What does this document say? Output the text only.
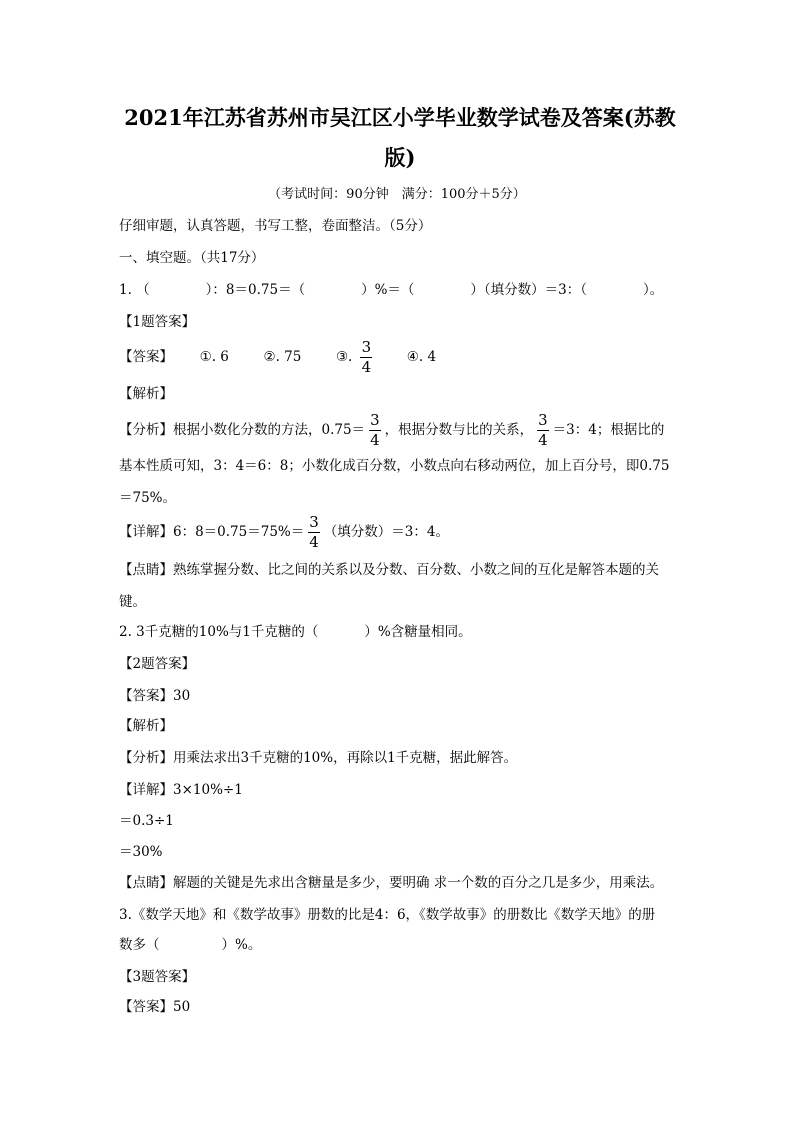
2021年江苏省苏州市吴江区小学毕业数学试卷及答案(苏教
版)
（考试时间：90分钟　满分：100分＋5分）
仔细审题，认真答题，书写工整，卷面整洁。（5分）
一、填空题。（共17分）
1. （	）：8＝0.75＝（	）%＝（	）（填分数）＝3：（	）。
【1题答案】
【答案】 ①. 6	②. 75	③. $\frac{3}{4}$ ④. 4
【解析】
【分析】根据小数化分数的方法，$0.75= \frac{3}{4}$ ，根据分数与比的关系， $\frac{3}{4} =3$：4；根据比的
基本性质可知，3：4＝6：8；小数化成百分数，小数点向右移动两位，加上百分号，即0.75
＝75%。
【详解】6：$8=0.75=75\%= \frac{3}{4}$ （填分数）＝3：4。
【点睛】熟练掌握分数、比之间的关系以及分数、百分数、小数之间的互化是解答本题的关
键。
2. 3千克糖的10%与1千克糖的（	）%含糖量相同。
【2题答案】
【答案】30
【解析】
【分析】用乘法求出3千克糖的10%，再除以1千克糖，据此解答。
【详解】3×10%÷1
＝0.3÷1
＝30%
【点睛】解题的关键是先求出含糖量是多少，要明确 求一个数的百分之几是多少，用乘法。
3.《数学天地》和《数学故事》册数的比是4：6，《数学故事》的册数比《数学天地》的册
数多（	）%。
【3题答案】
【答案】50
